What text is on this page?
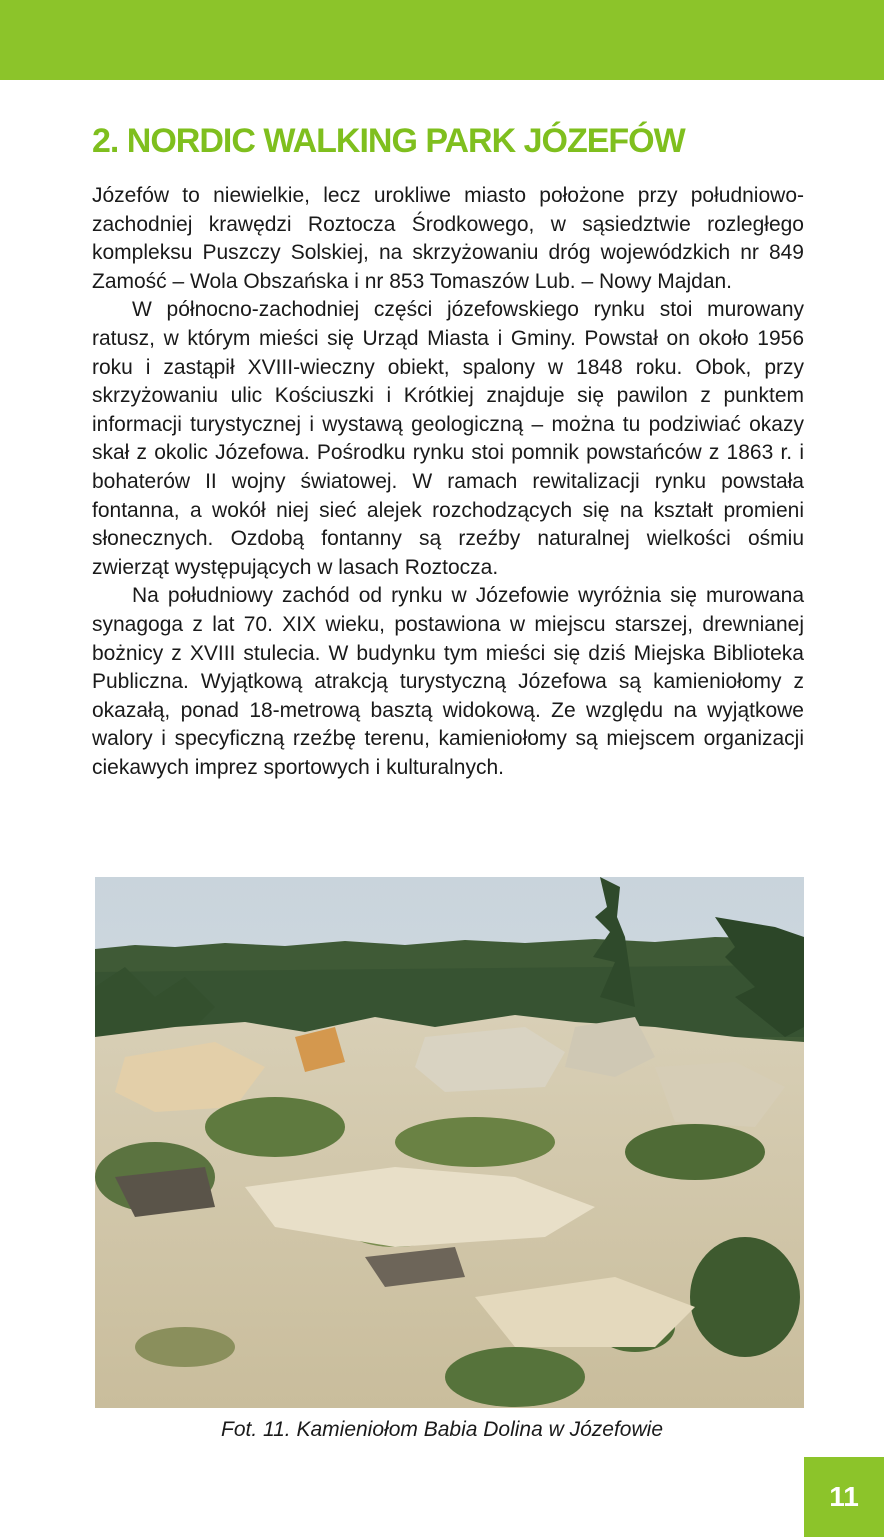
2. NORDIC WALKING PARK JÓZEFÓW

Józefów to niewielkie, lecz urokliwe miasto położone przy południowo-zachodniej krawędzi Roztocza Środkowego, w sąsiedztwie rozległego kompleksu Puszczy Solskiej, na skrzyżowaniu dróg wojewódzkich nr 849 Zamość – Wola Obszańska i nr 853 Tomaszów Lub. – Nowy Majdan.

W północno-zachodniej części józefowskiego rynku stoi murowany ratusz, w którym mieści się Urząd Miasta i Gminy. Powstał on około 1956 roku i zastąpił XVIII-wieczny obiekt, spalony w 1848 roku. Obok, przy skrzyżowaniu ulic Kościuszki i Krótkiej znajduje się pawilon z punktem informacji turystycznej i wystawą geologiczną – można tu podziwiać okazy skał z okolic Józefowa. Pośrodku rynku stoi pomnik powstańców z 1863 r. i bohaterów II wojny światowej. W ramach rewitalizacji rynku powstała fontanna, a wokół niej sieć alejek rozchodzących się na kształt promieni słonecznych. Ozdobą fontanny są rzeźby naturalnej wielkości ośmiu zwierząt występujących w lasach Roztocza.

Na południowy zachód od rynku w Józefowie wyróżnia się murowana synagoga z lat 70. XIX wieku, postawiona w miejscu starszej, drewnianej bożnicy z XVIII stulecia. W budynku tym mieści się dziś Miejska Biblioteka Publiczna. Wyjątkową atrakcją turystyczną Józefowa są kamieniołomy z okazałą, ponad 18-metrową basztą widokową. Ze względu na wyjątkowe walory i specyficzną rzeźbę terenu, kamieniołomy są miejscem organizacji ciekawych imprez sportowych i kulturalnych.

Fot. 11. Kamieniołom Babia Dolina w Józefowie
11
